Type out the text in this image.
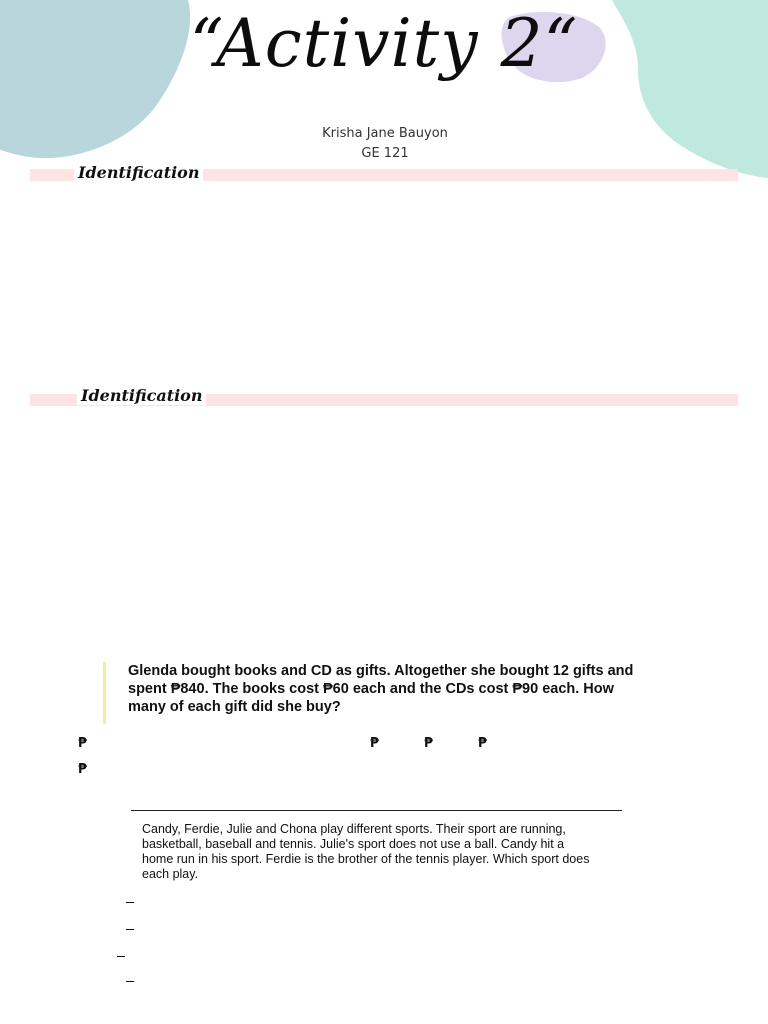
“Activity 2“
Krisha Jane Bauyon
GE 121
Identification
Identification
Glenda bought books and CD as gifts. Altogether she bought 12 gifts and
spent ₱840. The books cost ₱60 each and the CDs cost ₱90 each. How
many of each gift did she buy?
₱	₱	₱	₱
₱
Candy, Ferdie, Julie and Chona play different sports. Their sport are running,
basketball, baseball and tennis. Julie's sport does not use a ball. Candy hit a
home run in his sport. Ferdie is the brother of the tennis player. Which sport does
each play.
